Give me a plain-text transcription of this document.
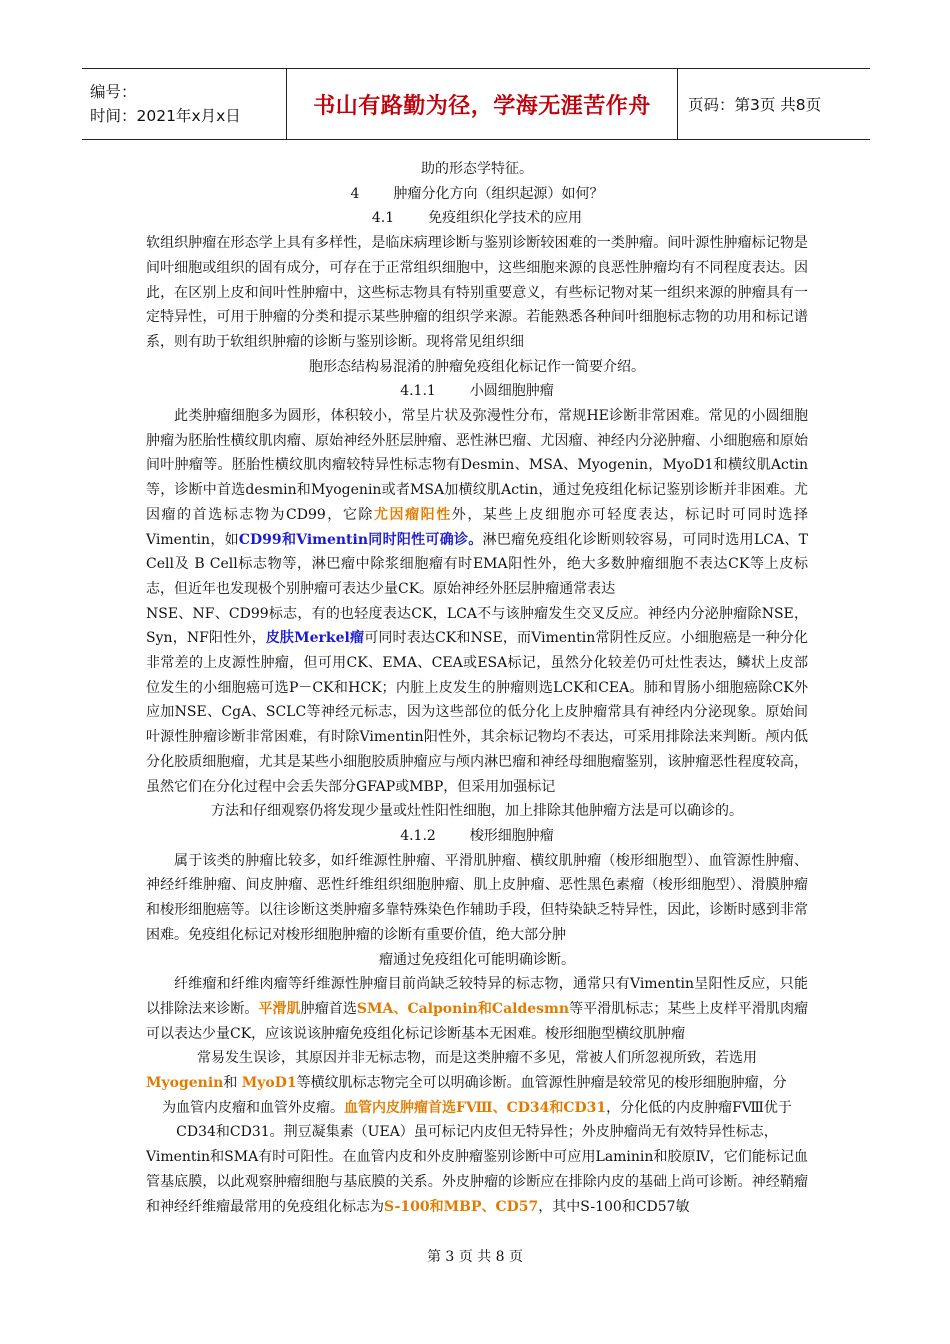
编号：
时间：2021年x月x日	书山有路勤为径，学海无涯苦作舟	页码：第3页 共8页

助的形态学特征。

4 肿瘤分化方向（组织起源）如何？

4.1 免疫组织化学技术的应用

软组织肿瘤在形态学上具有多样性，是临床病理诊断与鉴别诊断较困难的一类肿瘤。间叶源性肿瘤标记物是间叶细胞或组织的固有成分，可存在于正常组织细胞中，这些细胞来源的良恶性肿瘤均有不同程度表达。因此，在区别上皮和间叶性肿瘤中，这些标志物具有特别重要意义，有些标记物对某一组织来源的肿瘤具有一定特异性，可用于肿瘤的分类和提示某些肿瘤的组织学来源。若能熟悉各种间叶细胞标志物的功用和标记谱系，则有助于软组织肿瘤的诊断与鉴别诊断。现将常见组织细

胞形态结构易混淆的肿瘤免疫组化标记作一简要介绍。

4.1.1 小圆细胞肿瘤

此类肿瘤细胞多为圆形，体积较小，常呈片状及弥漫性分布，常规HE诊断非常困难。常见的小圆细胞肿瘤为胚胎性横纹肌肉瘤、原始神经外胚层肿瘤、恶性淋巴瘤、尤因瘤、神经内分泌肿瘤、小细胞癌和原始间叶肿瘤等。胚胎性横纹肌肉瘤较特异性标志物有Desmin、MSA、Myogenin，MyoD1和横纹肌Actin等，诊断中首选desmin和Myogenin或者MSA加横纹肌Actin，通过免疫组化标记鉴别诊断并非困难。尤因瘤的首选标志物为CD99，它除尤因瘤阳性外，某些上皮细胞亦可轻度表达，标记时可同时选择Vimentin，如CD99和Vimentin同时阳性可确诊。淋巴瘤免疫组化诊断则较容易，可同时选用LCA、T Cell及 B Cell标志物等，淋巴瘤中除浆细胞瘤有时EMA阳性外，绝大多数肿瘤细胞不表达CK等上皮标志，但近年也发现极个别肿瘤可表达少量CK。原始神经外胚层肿瘤通常表达

NSE、NF、CD99标志，有的也轻度表达CK，LCA不与该肿瘤发生交叉反应。神经内分泌肿瘤除NSE，Syn，NF阳性外，皮肤Merkel瘤可同时表达CK和NSE，而Vimentin常阴性反应。小细胞癌是一种分化非常差的上皮源性肿瘤，但可用CK、EMA、CEA或ESA标记，虽然分化较差仍可灶性表达，鳞状上皮部位发生的小细胞癌可选P－CK和HCK；内脏上皮发生的肿瘤则选LCK和CEA。肺和胃肠小细胞癌除CK外应加NSE、CgA、SCLC等神经元标志，因为这些部位的低分化上皮肿瘤常具有神经内分泌现象。原始间叶源性肿瘤诊断非常困难，有时除Vimentin阳性外，其余标记物均不表达，可采用排除法来判断。颅内低分化胶质细胞瘤，尤其是某些小细胞胶质肿瘤应与颅内淋巴瘤和神经母细胞瘤鉴别，该肿瘤恶性程度较高，虽然它们在分化过程中会丢失部分GFAP或MBP，但采用加强标记

方法和仔细观察仍将发现少量或灶性阳性细胞，加上排除其他肿瘤方法是可以确诊的。

4.1.2 梭形细胞肿瘤

属于该类的肿瘤比较多，如纤维源性肿瘤、平滑肌肿瘤、横纹肌肿瘤（梭形细胞型）、血管源性肿瘤、神经纤维肿瘤、间皮肿瘤、恶性纤维组织细胞肿瘤、肌上皮肿瘤、恶性黑色素瘤（梭形细胞型）、滑膜肿瘤和梭形细胞癌等。以往诊断这类肿瘤多靠特殊染色作辅助手段，但特染缺乏特异性，因此，诊断时感到非常困难。免疫组化标记对梭形细胞肿瘤的诊断有重要价值，绝大部分肿

瘤通过免疫组化可能明确诊断。

纤维瘤和纤维肉瘤等纤维源性肿瘤目前尚缺乏较特异的标志物，通常只有Vimentin呈阳性反应，只能以排除法来诊断。平滑肌肿瘤首选SMA、Calponin和Caldesmn等平滑肌标志；某些上皮样平滑肌肉瘤可以表达少量CK，应该说该肿瘤免疫组化标记诊断基本无困难。梭形细胞型横纹肌肿瘤

常易发生误诊，其原因并非无标志物，而是这类肿瘤不多见，常被人们所忽视所致，若选用

Myogenin和 MyoD1等横纹肌标志物完全可以明确诊断。血管源性肿瘤是较常见的梭形细胞肿瘤，分

为血管内皮瘤和血管外皮瘤。血管内皮肿瘤首选FⅧ、CD34和CD31，分化低的内皮肿瘤FⅧ优于

CD34和CD31。荆豆凝集素（UEA）虽可标记内皮但无特异性；外皮肿瘤尚无有效特异性标志，

Vimentin和SMA有时可阳性。在血管内皮和外皮肿瘤鉴别诊断中可应用Laminin和胶原Ⅳ，它们能标记血管基底膜，以此观察肿瘤细胞与基底膜的关系。外皮肿瘤的诊断应在排除内皮的基础上尚可诊断。神经鞘瘤和神经纤维瘤最常用的免疫组化标志为S-100和MBP、CD57，其中S-100和CD57敏

第 3 页 共 8 页
